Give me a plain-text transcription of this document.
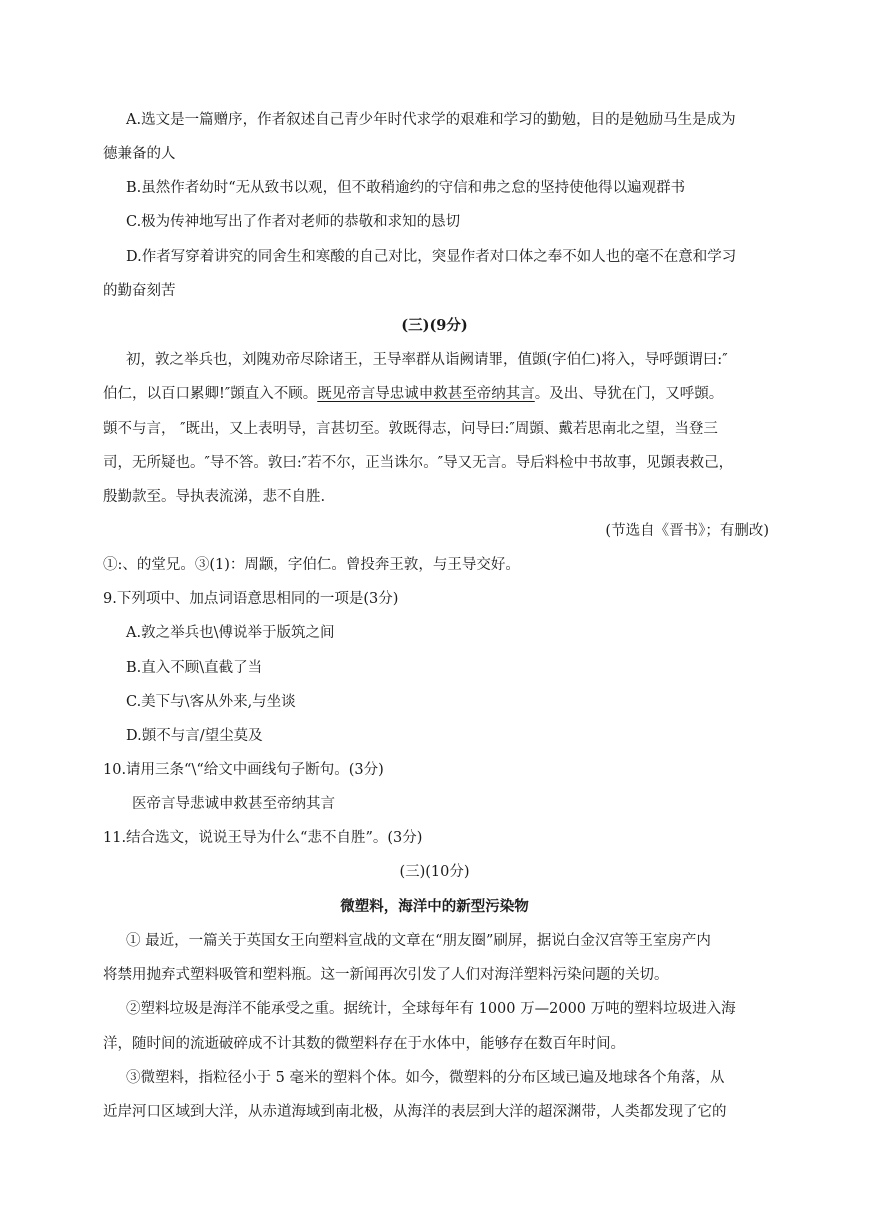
A.选文是一篇赠序，作者叙述自己青少年时代求学的艰难和学习的勤勉，目的是勉励马生是成为
德兼备的人
B.虽然作者幼时“无从致书以观，但不敢稍逾约的守信和弗之怠的坚持使他得以遍观群书
C.极为传神地写出了作者对老师的恭敬和求知的恳切
D.作者写穿着讲究的同舍生和寒酸的自己对比，突显作者对口体之奉不如人也的毫不在意和学习
的勤奋刻苦
(三)(9分)
初，敦之举兵也，刘隗劝帝尽除诸王，王导率群从诣阙请罪，值顗(字伯仁)将入，导呼顗谓曰:″
伯仁，以百口累卿!″顗直入不顾。既见帝言导忠诚申救甚至帝纳其言。及出、导犹在门，又呼顗。
顗不与言， ″既出，又上表明导，言甚切至。敦既得志，问导曰:″周顗、戴若思南北之望，当登三
司，无所疑也。″导不答。敦曰:″若不尔，正当诛尔。″导又无言。导后料检中书故事，见顗表救己，
殷勤款至。导执表流涕，悲不自胜.
(节选自《晋书》；有删改)
①:、的堂兄。③(1)：周颛，字伯仁。曾投奔王敦，与王导交好。
9.下列项中、加点词语意思相同的一项是(3分)
A.敦之举兵也\傅说举于版筑之间
B.直入不顾\直截了当
C.美下与\客从外来,与坐谈
D.顗不与言/望尘莫及
10.请用三条“\“给文中画线句子断句。(3分)
医帝言导悲诚申救甚至帝纳其言
11.结合选文，说说王导为什么“悲不自胜”。(3分)
(三)(10分)
微塑料，海洋中的新型污染物
① 最近，一篇关于英国女王向塑料宣战的文章在“朋友圈”刷屏，据说白金汉宫等王室房产内
将禁用抛弃式塑料吸管和塑料瓶。这一新闻再次引发了人们对海洋塑料污染问题的关切。
②塑料垃圾是海洋不能承受之重。据统计，全球每年有 1000 万—2000 万吨的塑料垃圾进入海
洋，随时间的流逝破碎成不计其数的微塑料存在于水体中，能够存在数百年时间。
③微塑料，指粒径小于 5 毫米的塑料个体。如今，微塑料的分布区域已遍及地球各个角落，从
近岸河口区域到大洋，从赤道海域到南北极，从海洋的表层到大洋的超深渊带，人类都发现了它的
